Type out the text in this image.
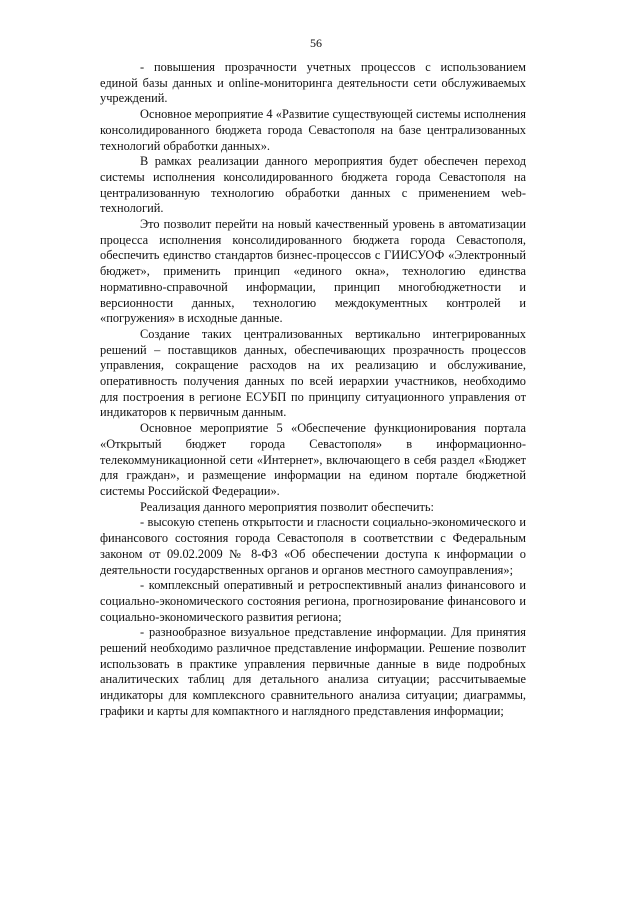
56

- повышения прозрачности учетных процессов с использованием единой базы данных и online-мониторинга деятельности сети обслуживаемых учреждений.

Основное мероприятие 4 «Развитие существующей системы исполнения консолидированного бюджета города Севастополя на базе централизованных технологий обработки данных».

В рамках реализации данного мероприятия будет обеспечен переход системы исполнения консолидированного бюджета города Севастополя на централизованную технологию обработки данных с применением web-технологий.

Это позволит перейти на новый качественный уровень в автоматизации процесса исполнения консолидированного бюджета города Севастополя, обеспечить единство стандартов бизнес-процессов с ГИИСУОФ «Электронный бюджет», применить принцип «единого окна», технологию единства нормативно-справочной информации, принцип многобюджетности и версионности данных, технологию междокументных контролей и «погружения» в исходные данные.

Создание таких централизованных вертикально интегрированных решений – поставщиков данных, обеспечивающих прозрачность процессов управления, сокращение расходов на их реализацию и обслуживание, оперативность получения данных по всей иерархии участников, необходимо для построения в регионе ЕСУБП по принципу ситуационного управления от индикаторов к первичным данным.

Основное мероприятие 5 «Обеспечение функционирования портала «Открытый бюджет города Севастополя» в информационно-телекоммуникационной сети «Интернет», включающего в себя раздел «Бюджет для граждан», и размещение информации на едином портале бюджетной системы Российской Федерации».

Реализация данного мероприятия позволит обеспечить:

- высокую степень открытости и гласности социально-экономического и финансового состояния города Севастополя в соответствии с Федеральным законом от 09.02.2009 № 8-ФЗ «Об обеспечении доступа к информации о деятельности государственных органов и органов местного самоуправления»;

- комплексный оперативный и ретроспективный анализ финансового и социально-экономического состояния региона, прогнозирование финансового и социально-экономического развития региона;

- разнообразное визуальное представление информации. Для принятия решений необходимо различное представление информации. Решение позволит использовать в практике управления первичные данные в виде подробных аналитических таблиц для детального анализа ситуации; рассчитываемые индикаторы для комплексного сравнительного анализа ситуации; диаграммы, графики и карты для компактного и наглядного представления информации;
